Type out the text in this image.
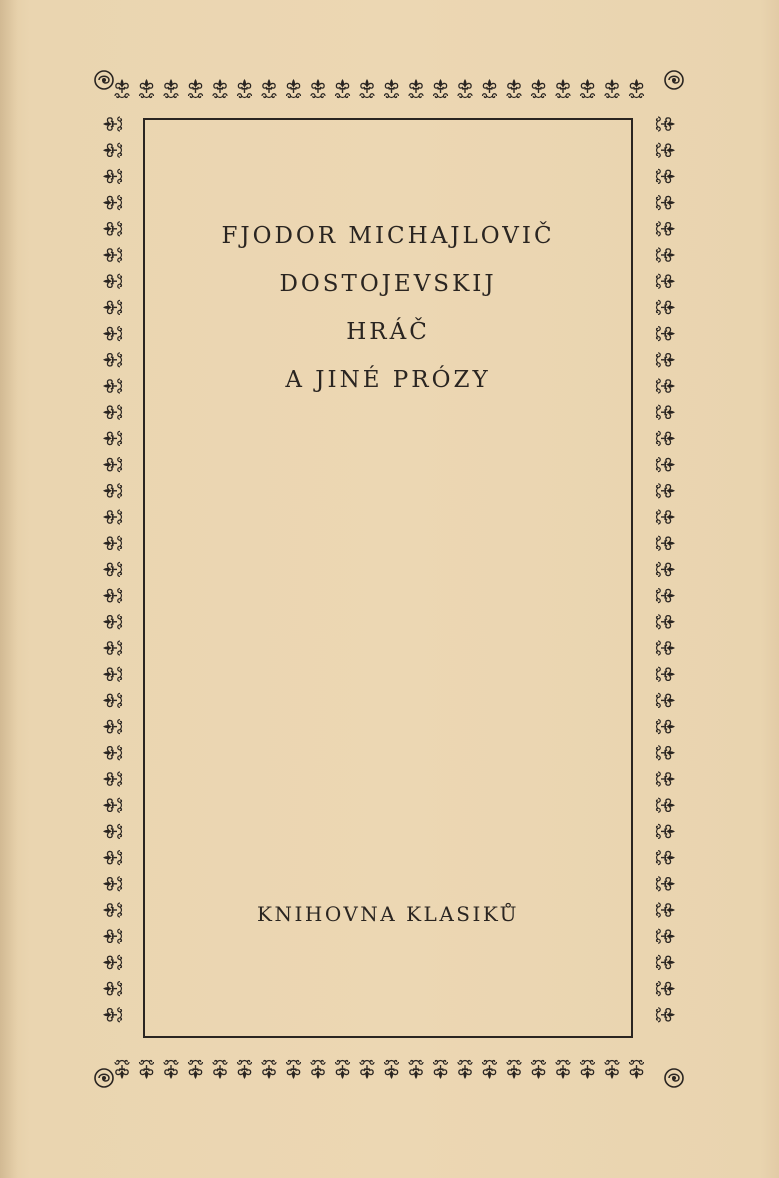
FJODOR MICHAJLOVIČ
DOSTOJEVSKIJ
HRÁČ
A JINÉ PRÓZY
KNIHOVNA KLASIKŮ
